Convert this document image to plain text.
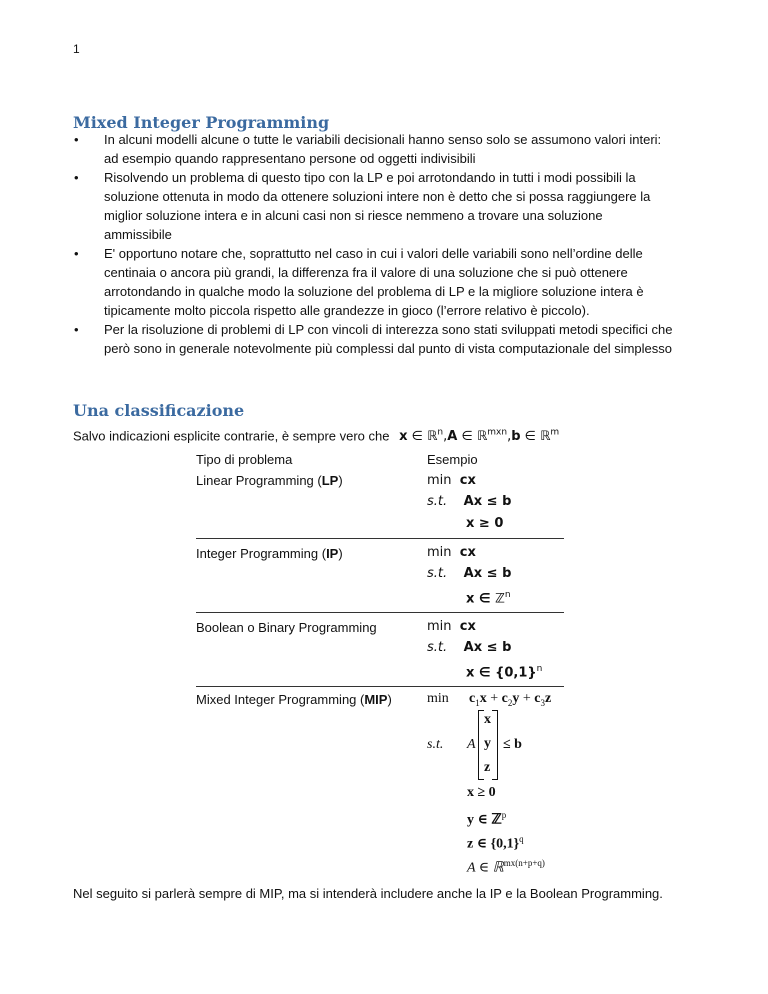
1
Mixed Integer Programming
• In alcuni modelli alcune o tutte le variabili decisionali hanno senso solo se assumono valori interi: ad esempio quando rappresentano persone od oggetti indivisibili
• Risolvendo un problema di questo tipo con la LP e poi arrotondando in tutti i modi possibili la soluzione ottenuta in modo da ottenere soluzioni intere non è detto che si possa raggiungere la miglior soluzione intera e in alcuni casi non si riesce nemmeno a trovare una soluzione ammissibile
• E' opportuno notare che, soprattutto nel caso in cui i valori delle variabili sono nell’ordine delle centinaia o ancora più grandi, la differenza fra il valore di una soluzione che si può ottenere arrotondando in qualche modo la soluzione del problema di LP e la migliore soluzione intera è tipicamente molto piccola rispetto alle grandezze in gioco (l’errore relativo è piccolo).
• Per la risoluzione di problemi di LP con vincoli di interezza sono stati sviluppati metodi specifici che però sono in generale notevolmente più complessi dal punto di vista computazionale del simplesso
Una classificazione
Salvo indicazioni esplicite contrarie, è sempre vero che x ∈ ℝ$^n$,A ∈ ℝ$^{mxn}$,b ∈ ℝ$^m$
Tipo di problema	Esempio
Linear Programming (LP)	min cx
s.t. Ax ≤ b
x ≥ 0
Integer Programming (IP)	min cx
s.t. Ax ≤ b
x ∈ ℤ$^n$
Boolean o Binary Programming	min cx
s.t. Ax ≤ b
x ∈ $\{0,1\}^n$
Mixed Integer Programming (MIP)	$\min c_1x + c_2y + c_3z$
s.t. A
x
y
z
≤ b
x ≥ 0
y ∈ ℤ$^p$
z ∈ $\{0,1\}^q$
A ∈ ℝ$^{mx(n+p+q)}$
Nel seguito si parlerà sempre di MIP, ma si intenderà includere anche la IP e la Boolean Programming.
